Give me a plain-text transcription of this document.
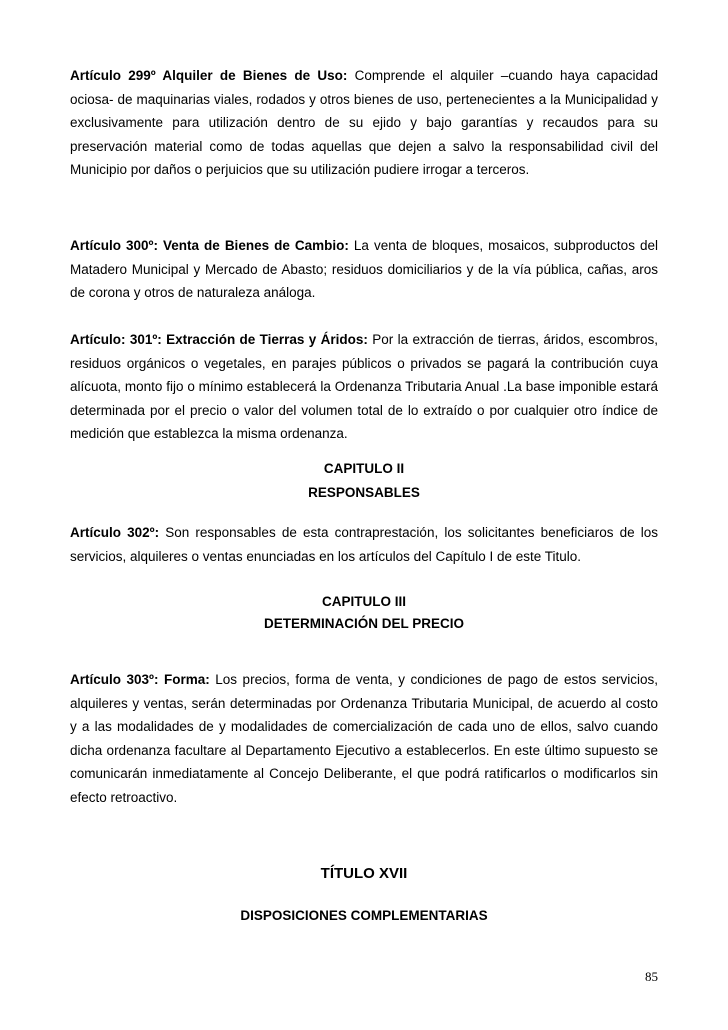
Artículo 299º Alquiler de Bienes de Uso: Comprende el alquiler –cuando haya capacidad ociosa- de maquinarias viales, rodados y otros bienes de uso, pertenecientes a la Municipalidad y exclusivamente para utilización dentro de su ejido y bajo garantías y recaudos para su preservación material como de todas aquellas que dejen a salvo la responsabilidad civil del Municipio por daños o perjuicios que su utilización pudiere irrogar a terceros.

Artículo 300º: Venta de Bienes de Cambio: La venta de bloques, mosaicos, subproductos del Matadero Municipal y Mercado de Abasto; residuos domiciliarios y de la vía pública, cañas, aros de corona y otros de naturaleza análoga.

Artículo: 301º: Extracción de Tierras y Áridos: Por la extracción de tierras, áridos, escombros, residuos orgánicos o vegetales, en parajes públicos o privados se pagará la contribución cuya alícuota, monto fijo o mínimo establecerá la Ordenanza Tributaria Anual .La base imponible estará determinada por el precio o valor del volumen total de lo extraído o por cualquier otro índice de medición que establezca la misma ordenanza.

CAPITULO II

RESPONSABLES

Artículo 302º: Son responsables de esta contraprestación, los solicitantes beneficiaros de los servicios, alquileres o ventas enunciadas en los artículos del Capítulo I de este Titulo.

CAPITULO III

DETERMINACIÓN DEL PRECIO

Artículo 303º: Forma: Los precios, forma de venta, y condiciones de pago de estos servicios, alquileres y ventas, serán determinadas por Ordenanza Tributaria Municipal, de acuerdo al costo y a las modalidades de y modalidades de comercialización de cada uno de ellos, salvo cuando dicha ordenanza facultare al Departamento Ejecutivo a establecerlos. En este último supuesto se comunicarán inmediatamente al Concejo Deliberante, el que podrá ratificarlos o modificarlos sin efecto retroactivo.

TÍTULO XVII

DISPOSICIONES COMPLEMENTARIAS

85
